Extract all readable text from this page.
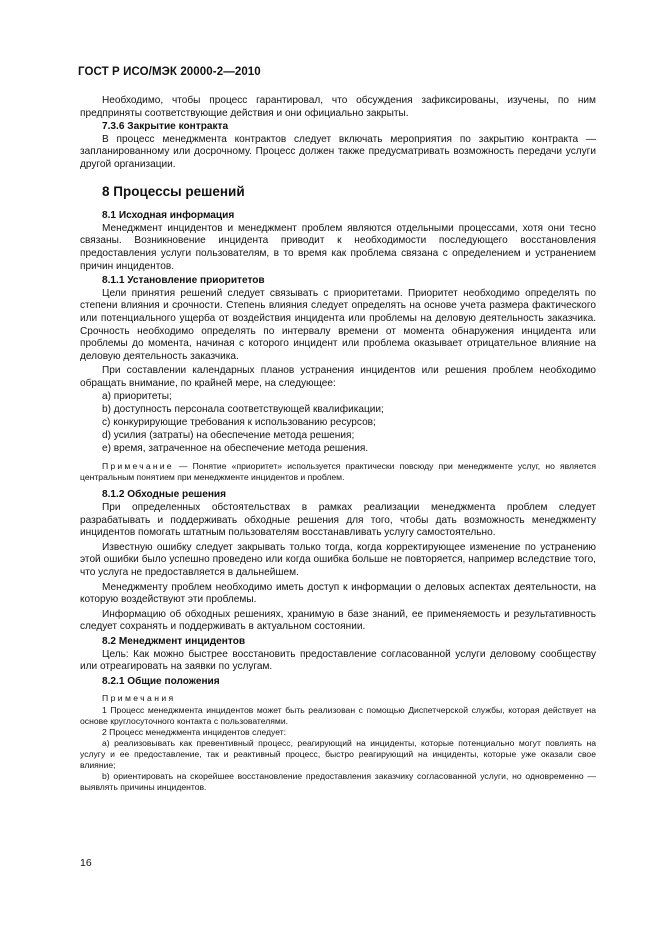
ГОСТ Р ИСО/МЭК 20000-2—2010

Необходимо, чтобы процесс гарантировал, что обсуждения зафиксированы, изучены, по ним предприняты соответствующие действия и они официально закрыты.

7.3.6 Закрытие контракта

В процесс менеджмента контрактов следует включать мероприятия по закрытию контракта — запланированному или досрочному. Процесс должен также предусматривать возможность передачи услуги другой организации.

8 Процессы решений
8.1 Исходная информация

Менеджмент инцидентов и менеджмент проблем являются отдельными процессами, хотя они тесно связаны. Возникновение инцидента приводит к необходимости последующего восстановления предоставления услуги пользователям, в то время как проблема связана с определением и устранением причин инцидентов.

8.1.1 Установление приоритетов

Цели принятия решений следует связывать с приоритетами. Приоритет необходимо определять по степени влияния и срочности. Степень влияния следует определять на основе учета размера фактического или потенциального ущерба от воздействия инцидента или проблемы на деловую деятельность заказчика. Срочность необходимо определять по интервалу времени от момента обнаружения инцидента или проблемы до момента, начиная с которого инцидент или проблема оказывает отрицательное влияние на деловую деятельность заказчика.

При составлении календарных планов устранения инцидентов или решения проблем необходимо обращать внимание, по крайней мере, на следующее:

a) приоритеты;
b) доступность персонала соответствующей квалификации;
c) конкурирующие требования к использованию ресурсов;
d) усилия (затраты) на обеспечение метода решения;
e) время, затраченное на обеспечение метода решения.
Примечание — Понятие «приоритет» используется практически повсюду при менеджменте услуг, но является центральным понятием при менеджменте инцидентов и проблем.
8.1.2 Обходные решения

При определенных обстоятельствах в рамках реализации менеджмента проблем следует разрабатывать и поддерживать обходные решения для того, чтобы дать возможность менеджменту инцидентов помогать штатным пользователям восстанавливать услугу самостоятельно.

Известную ошибку следует закрывать только тогда, когда корректирующее изменение по устранению этой ошибки было успешно проведено или когда ошибка больше не повторяется, например вследствие того, что услуга не предоставляется в дальнейшем.

Менеджменту проблем необходимо иметь доступ к информации о деловых аспектах деятельности, на которую воздействуют эти проблемы.

Информацию об обходных решениях, хранимую в базе знаний, ее применяемость и результативность следует сохранять и поддерживать в актуальном состоянии.

8.2 Менеджмент инцидентов

Цель: Как можно быстрее восстановить предоставление согласованной услуги деловому сообществу или отреагировать на заявки по услугам.

8.2.1 Общие положения
Примечания
1 Процесс менеджмента инцидентов может быть реализован с помощью Диспетчерской службы, которая действует на основе круглосуточного контакта с пользователями.
2 Процесс менеджмента инцидентов следует:
a) реализовывать как превентивный процесс, реагирующий на инциденты, которые потенциально могут повлиять на услугу и ее предоставление, так и реактивный процесс, быстро реагирующий на инциденты, которые уже оказали свое влияние;
b) ориентировать на скорейшее восстановление предоставления заказчику согласованной услуги, но одновременно — выявлять причины инцидентов.
16
